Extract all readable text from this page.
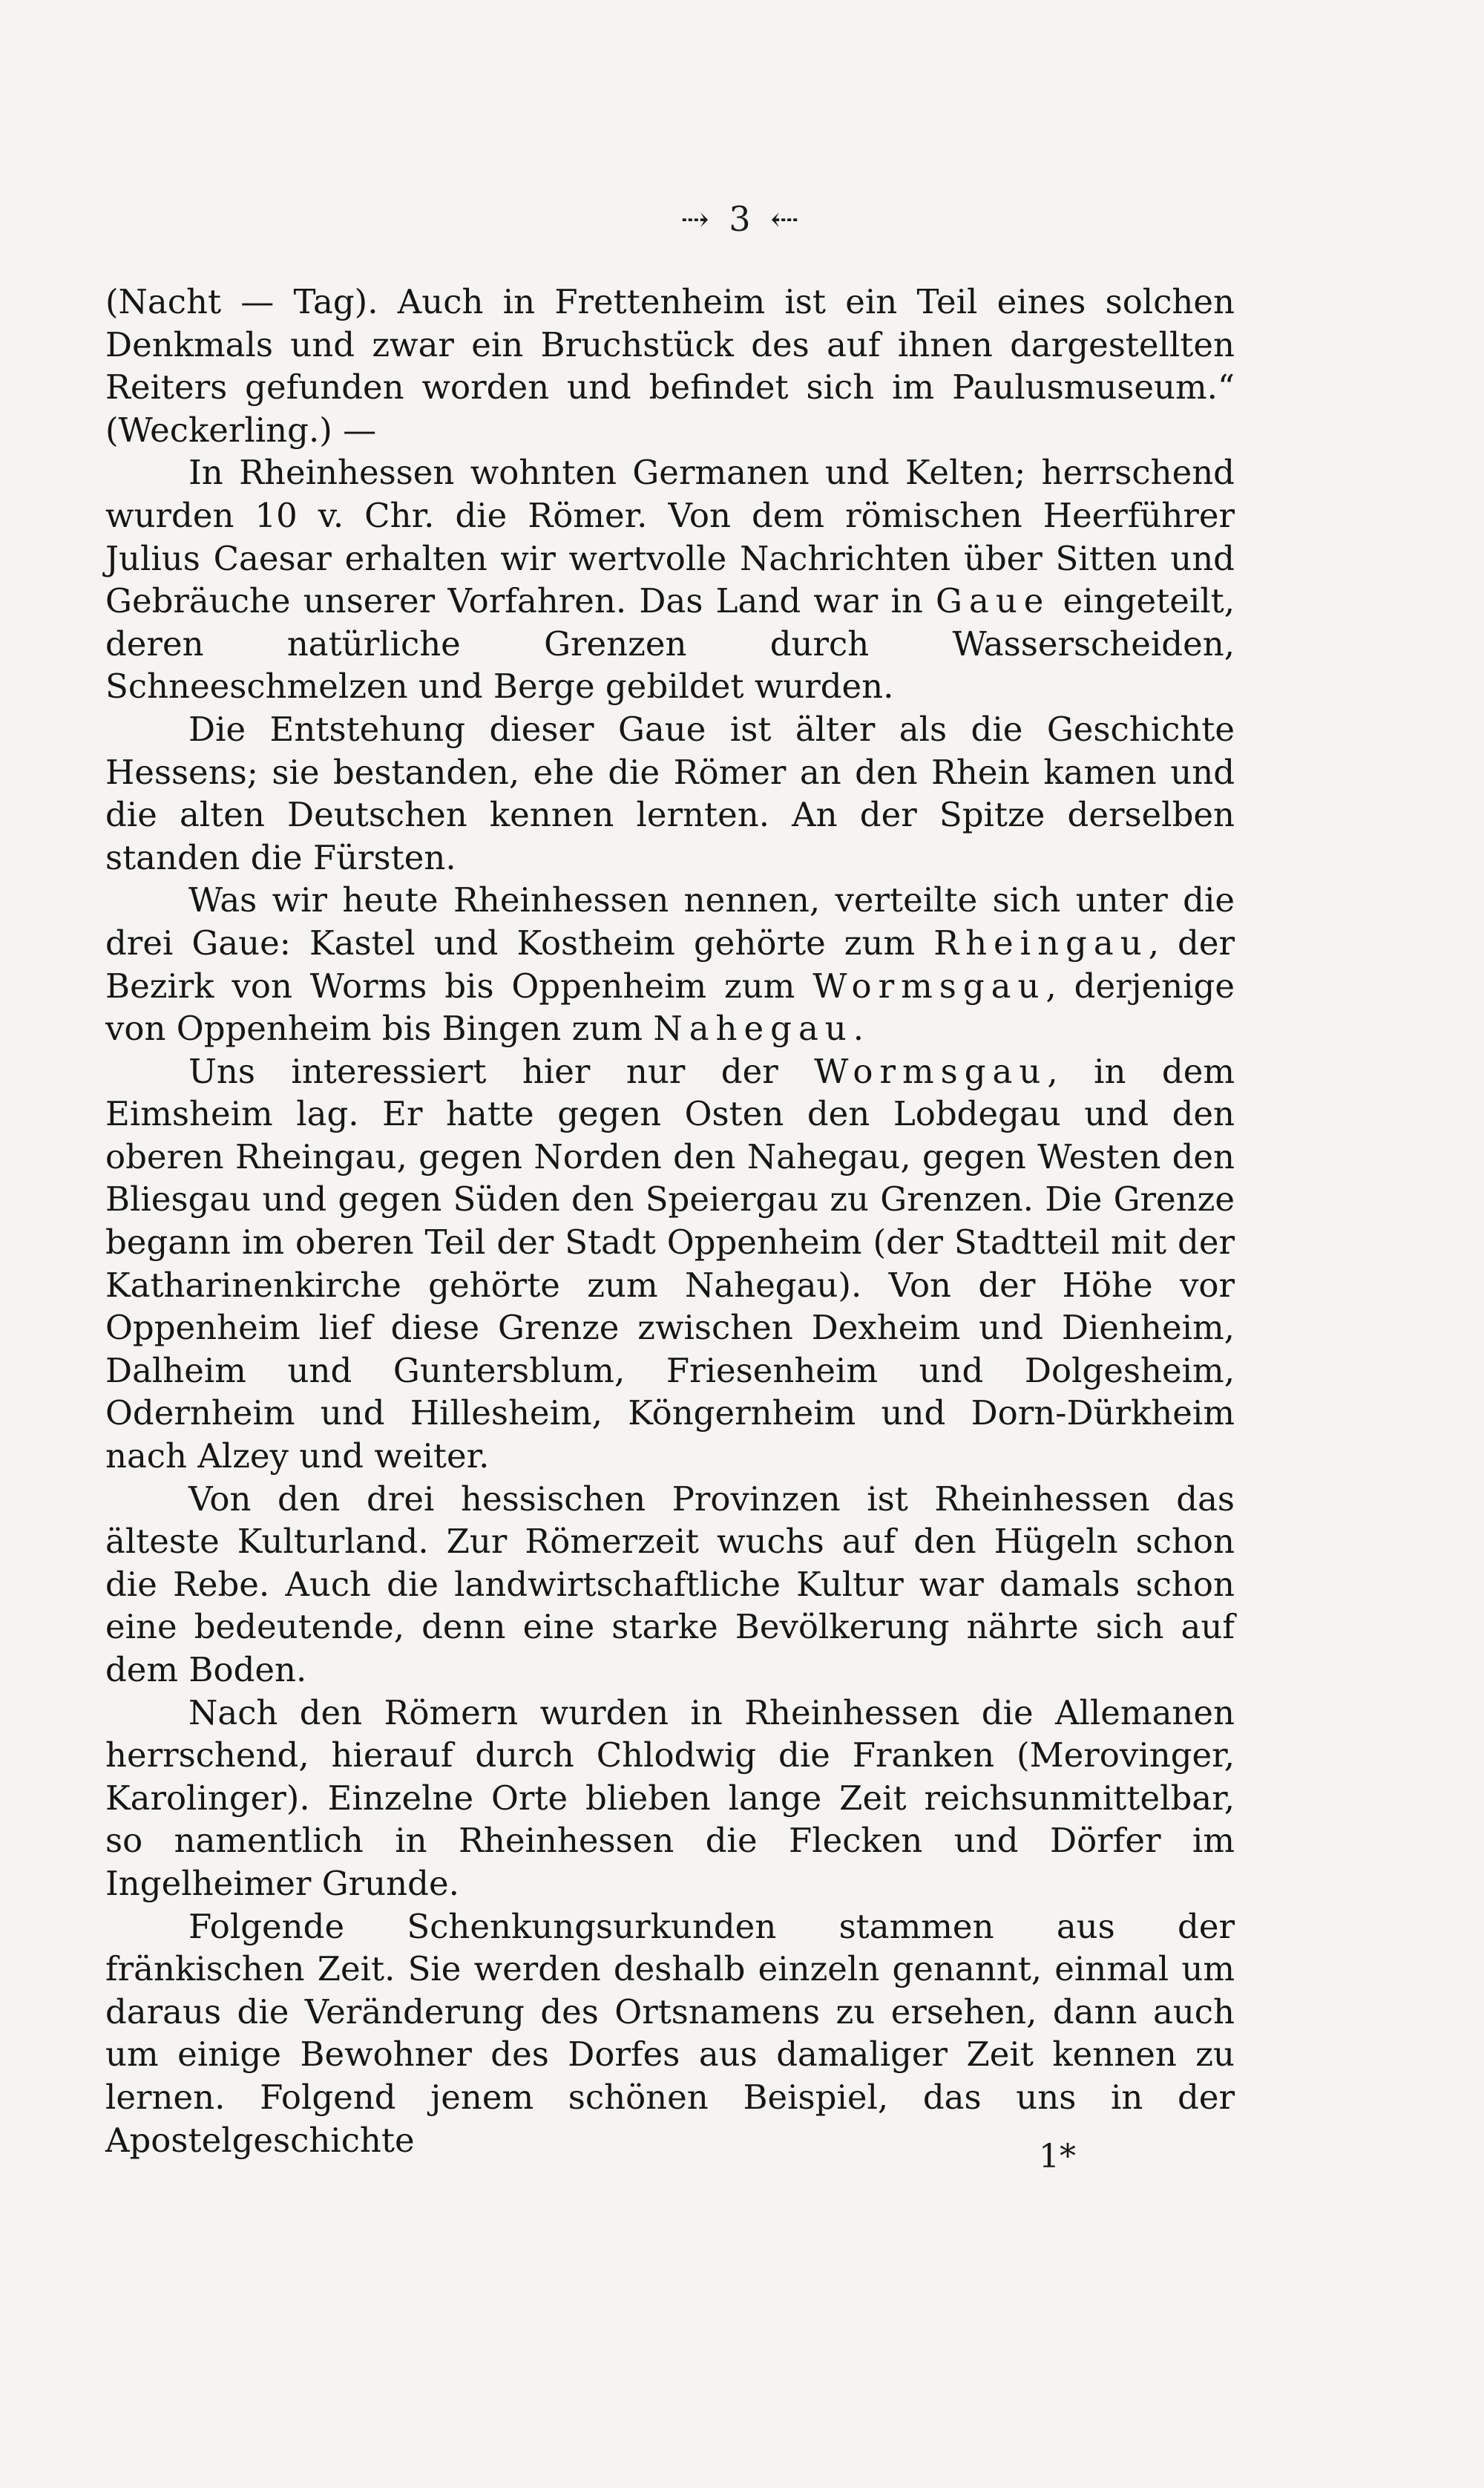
⇢ 3 ⇠

(Nacht — Tag). Auch in Frettenheim ist ein Teil eines solchen Denkmals und zwar ein Bruchstück des auf ihnen dargestellten Reiters gefunden worden und befindet sich im Paulusmuseum.“ (Weckerling.) —

In Rheinhessen wohnten Germanen und Kelten; herrschend wurden 10 v. Chr. die Römer. Von dem römischen Heerführer Julius Caesar erhalten wir wertvolle Nachrichten über Sitten und Gebräuche unserer Vorfahren. Das Land war in Gaue eingeteilt, deren natürliche Grenzen durch Wasserscheiden, Schneeschmelzen und Berge gebildet wurden.

Die Entstehung dieser Gaue ist älter als die Geschichte Hessens; sie bestanden, ehe die Römer an den Rhein kamen und die alten Deutschen kennen lernten. An der Spitze derselben standen die Fürsten.

Was wir heute Rheinhessen nennen, verteilte sich unter die drei Gaue: Kastel und Kostheim gehörte zum Rheingau, der Bezirk von Worms bis Oppenheim zum Wormsgau, derjenige von Oppenheim bis Bingen zum Nahegau.

Uns interessiert hier nur der Wormsgau, in dem Eimsheim lag. Er hatte gegen Osten den Lobdegau und den oberen Rheingau, gegen Norden den Nahegau, gegen Westen den Bliesgau und gegen Süden den Speiergau zu Grenzen. Die Grenze begann im oberen Teil der Stadt Oppenheim (der Stadtteil mit der Katharinenkirche gehörte zum Nahegau). Von der Höhe vor Oppenheim lief diese Grenze zwischen Dexheim und Dienheim, Dalheim und Guntersblum, Friesenheim und Dolgesheim, Odernheim und Hillesheim, Köngernheim und Dorn-Dürkheim nach Alzey und weiter.

Von den drei hessischen Provinzen ist Rheinhessen das älteste Kulturland. Zur Römerzeit wuchs auf den Hügeln schon die Rebe. Auch die landwirtschaftliche Kultur war damals schon eine bedeutende, denn eine starke Bevölkerung nährte sich auf dem Boden.

Nach den Römern wurden in Rheinhessen die Allemanen herrschend, hierauf durch Chlodwig die Franken (Merovinger, Karolinger). Einzelne Orte blieben lange Zeit reichsunmittelbar, so namentlich in Rheinhessen die Flecken und Dörfer im Ingelheimer Grunde.

Folgende Schenkungsurkunden stammen aus der fränkischen Zeit. Sie werden deshalb einzeln genannt, einmal um daraus die Veränderung des Ortsnamens zu ersehen, dann auch um einige Bewohner des Dorfes aus damaliger Zeit kennen zu lernen. Folgend jenem schönen Beispiel, das uns in der Apostelgeschichte	1*
